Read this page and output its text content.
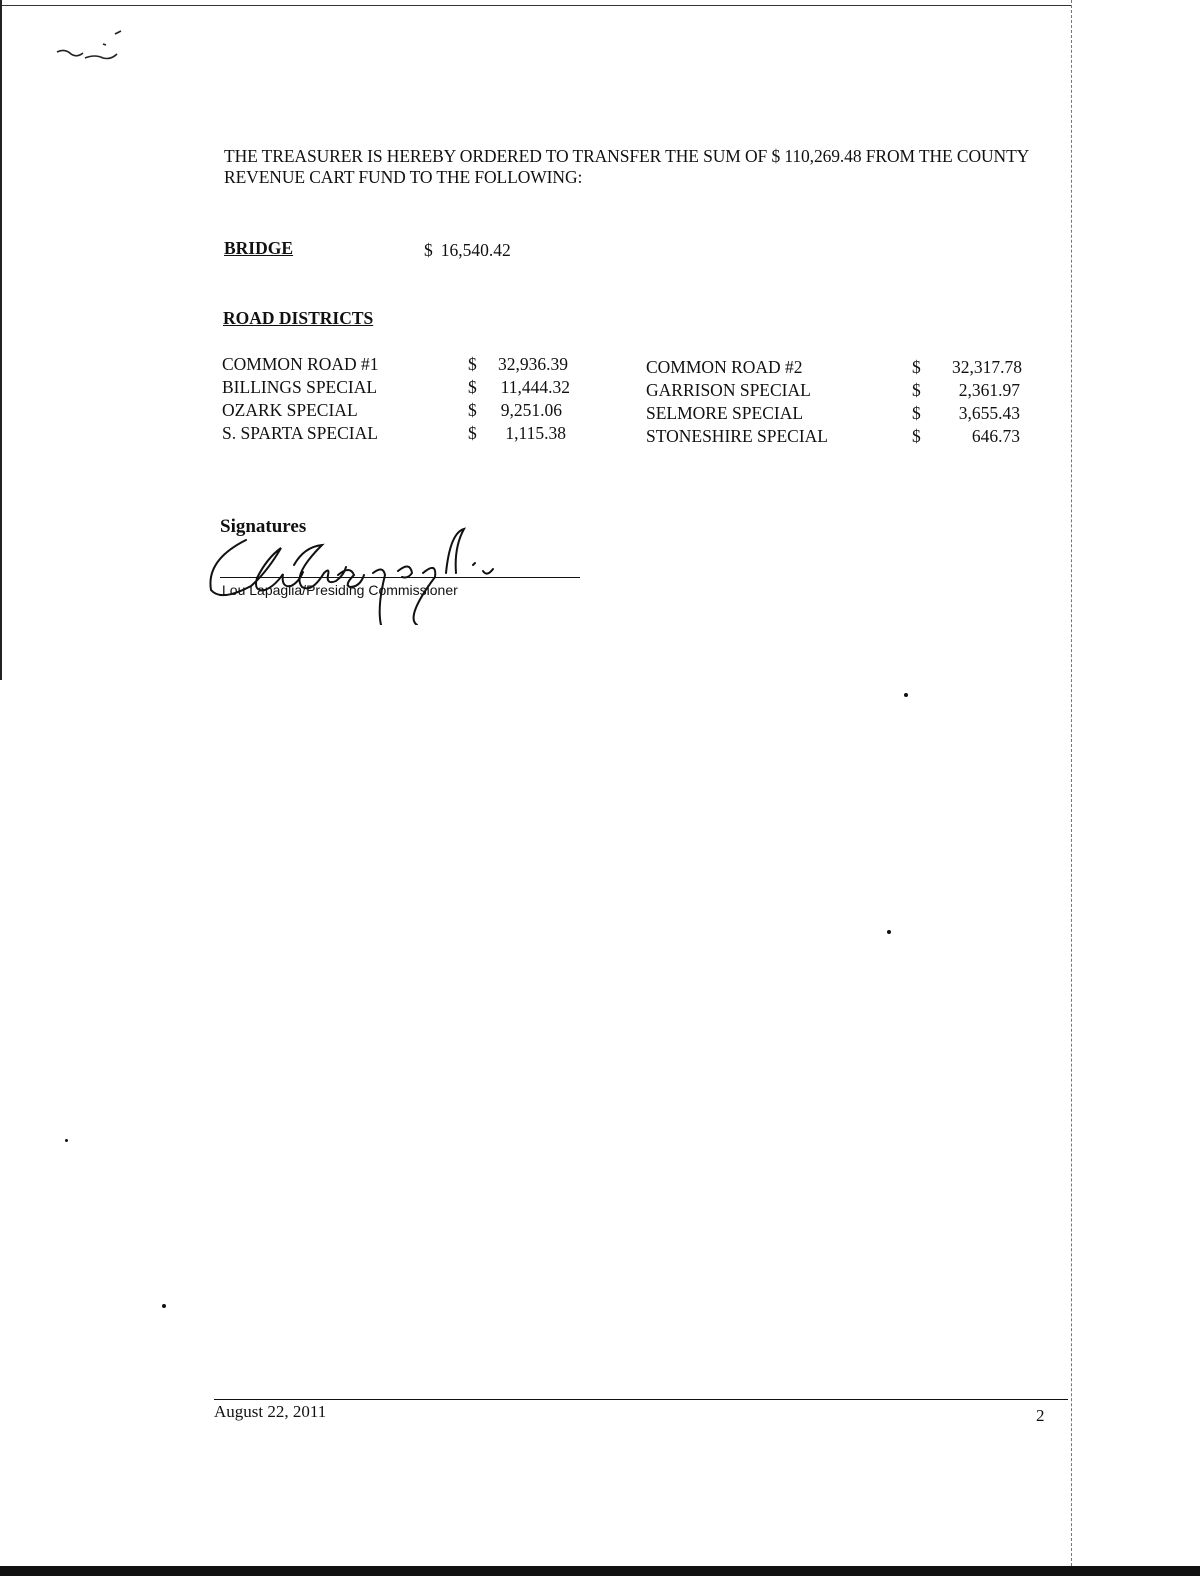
THE TREASURER IS HEREBY ORDERED TO TRANSFER THE SUM OF $ 110,269.48 FROM THE COUNTY REVENUE CART FUND TO THE FOLLOWING:
BRIDGE	$ 16,540.42
ROAD DISTRICTS
COMMON ROAD #1	$	32,936.39
BILLINGS SPECIAL	$	11,444.32
OZARK SPECIAL	$	9,251.06
S. SPARTA SPECIAL	$	1,115.38
COMMON ROAD #2	$	32,317.78
GARRISON SPECIAL	$	2,361.97
SELMORE SPECIAL	$	3,655.43
STONESHIRE SPECIAL	$	646.73
Signatures
Lou Lapaglia/Presiding Commissioner
August 22, 2011	2
